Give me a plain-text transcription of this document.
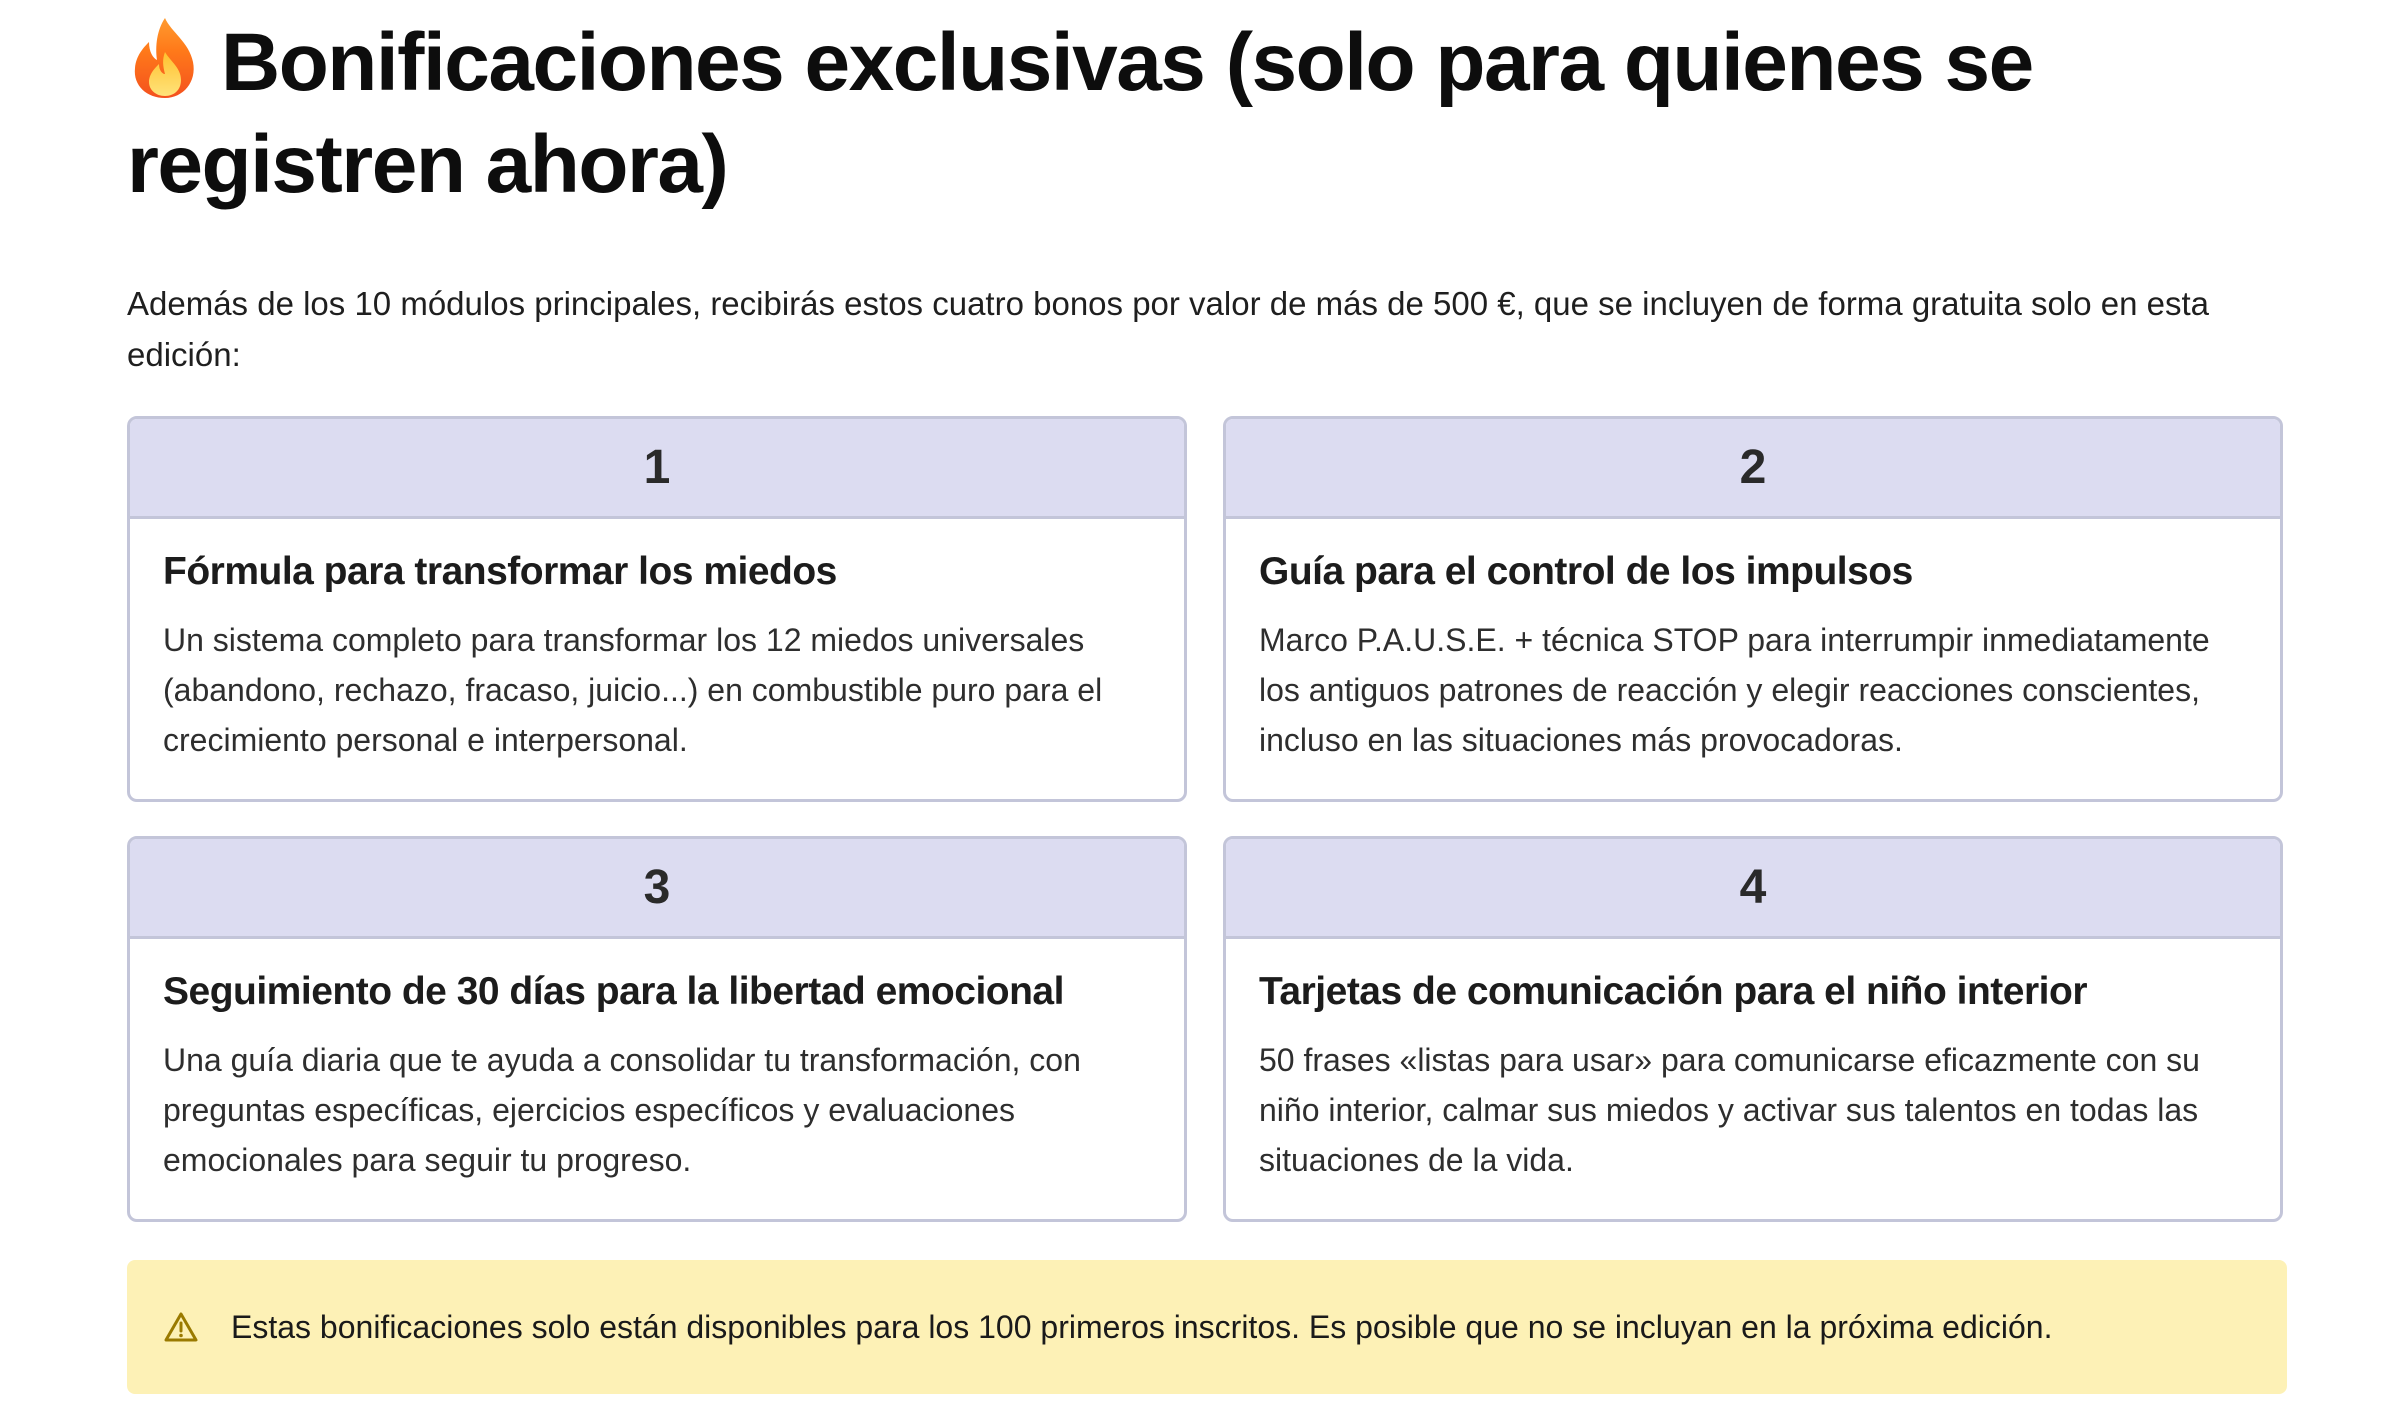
Bonificaciones exclusivas (solo para quienes se registren ahora)

Además de los 10 módulos principales, recibirás estos cuatro bonos por valor de más de 500 €, que se incluyen de forma gratuita solo en esta edición:

1
Fórmula para transformar los miedos

Un sistema completo para transformar los 12 miedos universales (abandono, rechazo, fracaso, juicio...) en combustible puro para el crecimiento personal e interpersonal.

2
Guía para el control de los impulsos

Marco P.A.U.S.E. + técnica STOP para interrumpir inmediatamente los antiguos patrones de reacción y elegir reacciones conscientes, incluso en las situaciones más provocadoras.

3
Seguimiento de 30 días para la libertad emocional

Una guía diaria que te ayuda a consolidar tu transformación, con preguntas específicas, ejercicios específicos y evaluaciones emocionales para seguir tu progreso.

4
Tarjetas de comunicación para el niño interior

50 frases «listas para usar» para comunicarse eficazmente con su niño interior, calmar sus miedos y activar sus talentos en todas las situaciones de la vida.

Estas bonificaciones solo están disponibles para los 100 primeros inscritos. Es posible que no se incluyan en la próxima edición.
